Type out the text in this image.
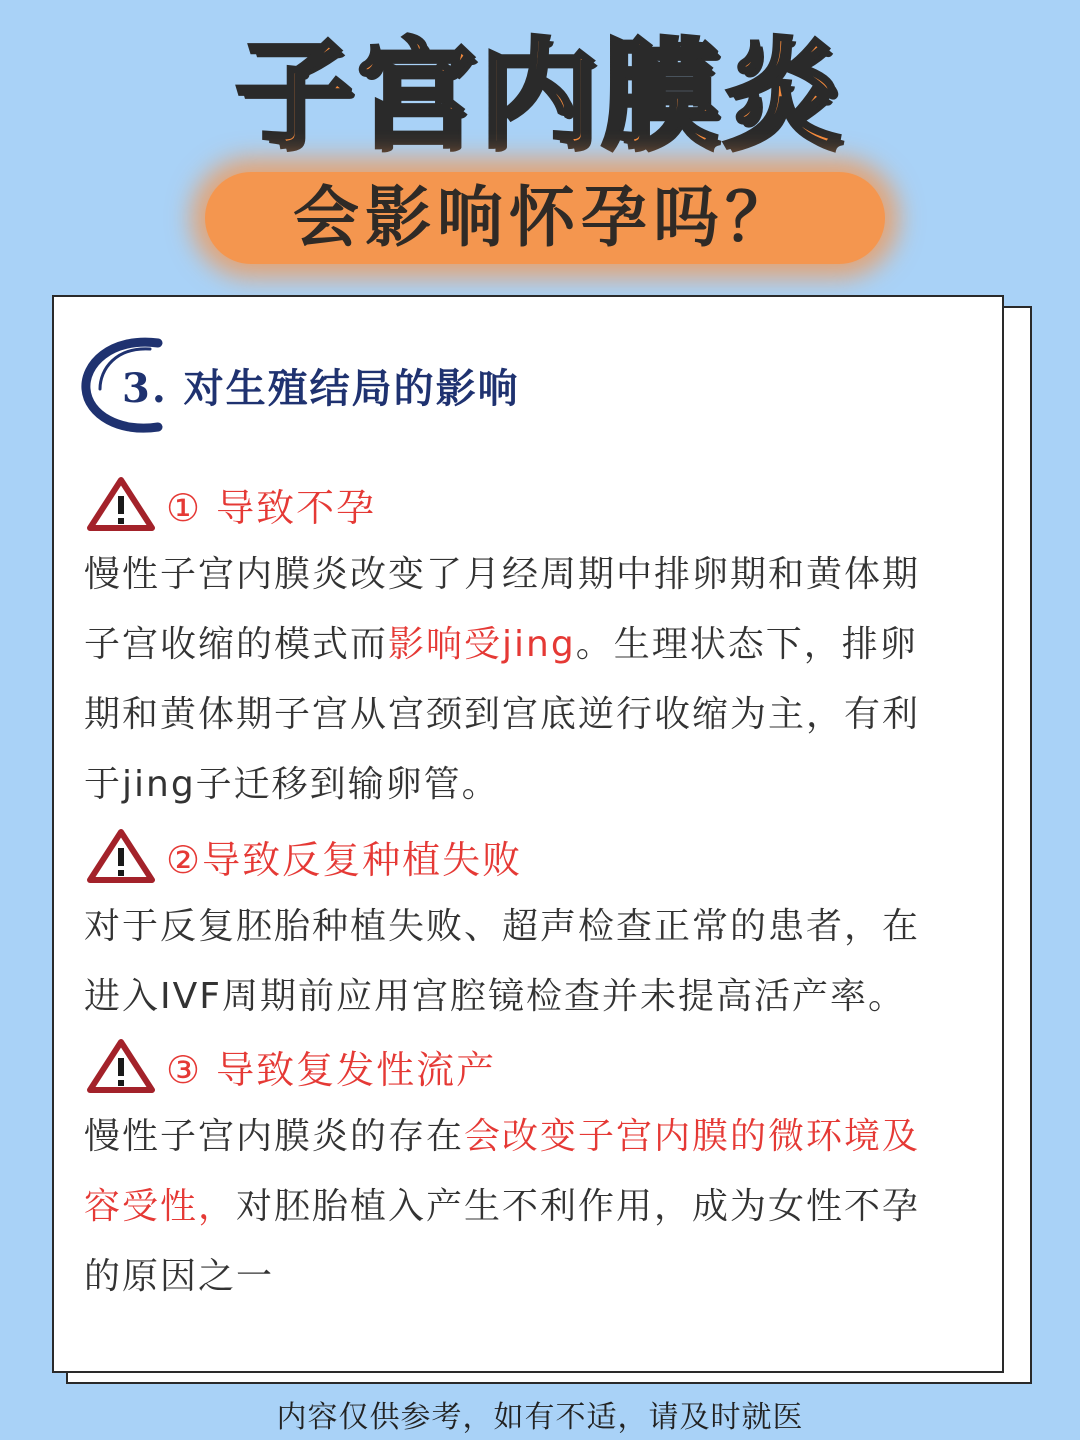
子宫内膜炎
会影响怀孕吗？
3. 对生殖结局的影响
① 导致不孕
慢性子宫内膜炎改变了月经周期中排卵期和黄体期
子宫收缩的模式而影响受jing。生理状态下，排卵
期和黄体期子宫从宫颈到宫底逆行收缩为主，有利
于jing子迁移到输卵管。
②导致反复种植失败
对于反复胚胎种植失败、超声检查正常的患者，在
进入IVF周期前应用宫腔镜检查并未提高活产率。
③ 导致复发性流产
慢性子宫内膜炎的存在会改变子宫内膜的微环境及
容受性，对胚胎植入产生不利作用，成为女性不孕
的原因之一
内容仅供参考，如有不适，请及时就医
